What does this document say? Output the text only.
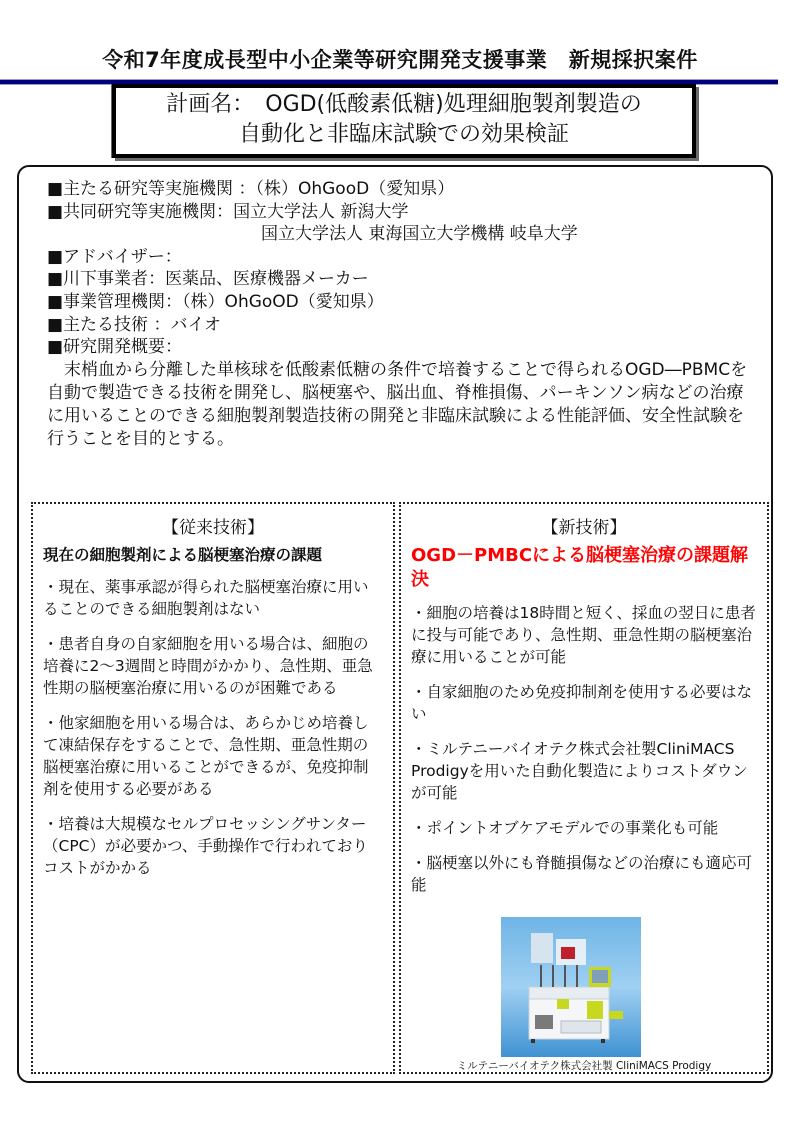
令和7年度成長型中小企業等研究開発支援事業　新規採択案件
計画名：　OGD(低酸素低糖)処理細胞製剤製造の
自動化と非臨床試験での効果検証
■主たる研究等実施機関 ：（株）OhGooD（愛知県）
■共同研究等実施機関：国立大学法人 新潟大学
国立大学法人 東海国立大学機構 岐阜大学
■アドバイザー：
■川下事業者：医薬品、医療機器メーカー
■事業管理機関：（株）OhGoOD（愛知県）
■主たる技術 ：バイオ
■研究開発概要：
末梢血から分離した単核球を低酸素低糖の条件で培養することで得られるOGD―PBMCを自動で製造できる技術を開発し、脳梗塞や、脳出血、脊椎損傷、パーキンソン病などの治療に用いることのできる細胞製剤製造技術の開発と非臨床試験による性能評価、安全性試験を行うことを目的とする。
【従来技術】
現在の細胞製剤による脳梗塞治療の課題
・現在、薬事承認が得られた脳梗塞治療に用いることのできる細胞製剤はない
・患者自身の自家細胞を用いる場合は、細胞の培養に2～3週間と時間がかかり、急性期、亜急性期の脳梗塞治療に用いるのが困難である
・他家細胞を用いる場合は、あらかじめ培養して凍結保存をすることで、急性期、亜急性期の脳梗塞治療に用いることができるが、免疫抑制剤を使用する必要がある
・培養は大規模なセルプロセッシングサンター（CPC）が必要かつ、手動操作で行われておりコストがかかる
【新技術】
OGD－PMBCによる脳梗塞治療の課題解決
・細胞の培養は18時間と短く、採血の翌日に患者に投与可能であり、急性期、亜急性期の脳梗塞治療に用いることが可能
・自家細胞のため免疫抑制剤を使用する必要はない
・ミルテニーバイオテク株式会社製CliniMACS Prodigyを用いた自動化製造によりコストダウンが可能
・ポイントオブケアモデルでの事業化も可能
・脳梗塞以外にも脊髄損傷などの治療にも適応可能
ミルテニーバイオテク株式会社製 CliniMACS Prodigy
